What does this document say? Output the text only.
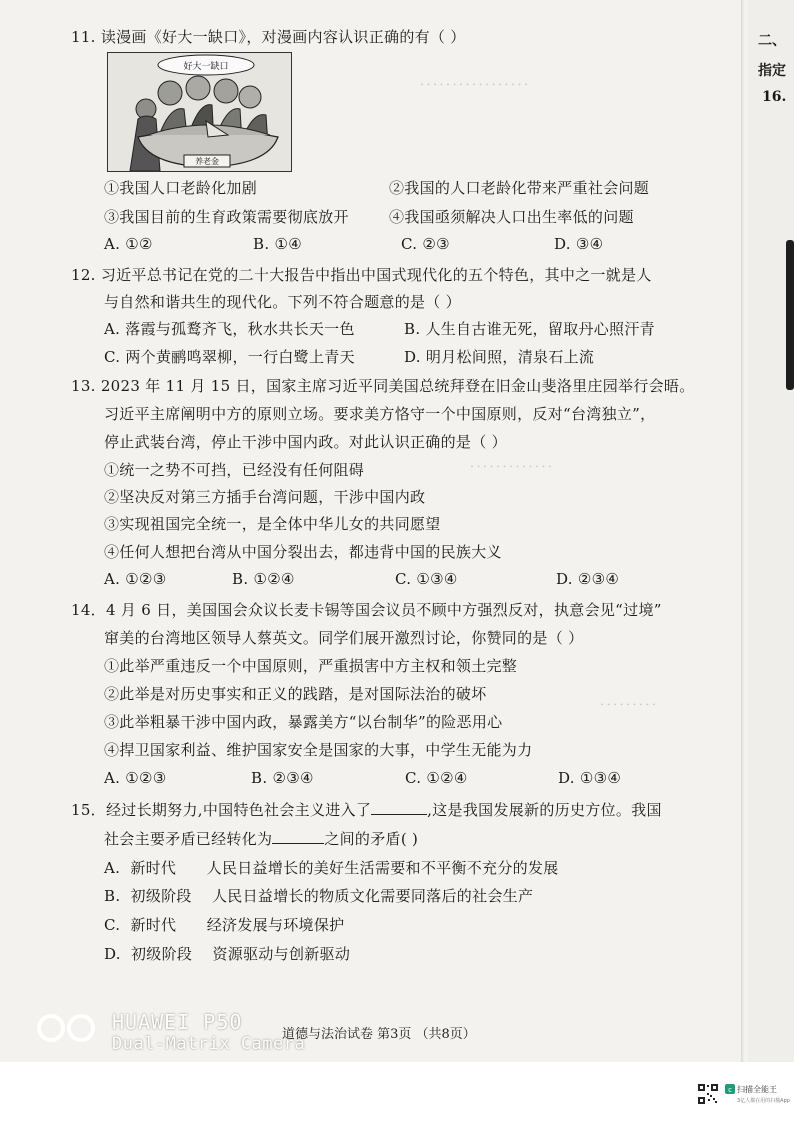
．．．．．．．．．．．．．．．．．
．．．．．．．．．．．．．
．．．．．．．．．
11. 读漫画《好大一缺口》，对漫画内容认识正确的有（ ）
好大一缺口
养老金
①我国人口老龄化加剧	②我国的人口老龄化带来严重社会问题
③我国目前的生育政策需要彻底放开	④我国亟须解决人口出生率低的问题
A. ①②	B. ①④	C. ②③	D. ③④
12. 习近平总书记在党的二十大报告中指出中国式现代化的五个特色，其中之一就是人
与自然和谐共生的现代化。下列不符合题意的是（ ）
A. 落霞与孤鹜齐飞，秋水共长天一色	B. 人生自古谁无死，留取丹心照汗青
C. 两个黄鹂鸣翠柳，一行白鹭上青天	D. 明月松间照，清泉石上流
13. 2023 年 11 月 15 日，国家主席习近平同美国总统拜登在旧金山斐洛里庄园举行会晤。
习近平主席阐明中方的原则立场。要求美方恪守一个中国原则，反对“台湾独立”，
停止武装台湾，停止干涉中国内政。对此认识正确的是（ ）
①统一之势不可挡，已经没有任何阻碍
②坚决反对第三方插手台湾问题，干涉中国内政
③实现祖国完全统一，是全体中华儿女的共同愿望
④任何人想把台湾从中国分裂出去，都违背中国的民族大义
A. ①②③	B. ①②④	C. ①③④	D. ②③④
14．4 月 6 日，美国国会众议长麦卡锡等国会议员不顾中方强烈反对，执意会见“过境”
窜美的台湾地区领导人蔡英文。同学们展开激烈讨论，你赞同的是（ ）
①此举严重违反一个中国原则，严重损害中方主权和领土完整
②此举是对历史事实和正义的践踏，是对国际法治的破坏
③此举粗暴干涉中国内政，暴露美方“以台制华”的险恶用心
④捍卫国家利益、维护国家安全是国家的大事，中学生无能为力
A. ①②③	B. ②③④	C. ①②④	D. ①③④
15．经过长期努力,中国特色社会主义进入了	,这是我国发展新的历史方位。我国
社会主要矛盾已经转化为	之间的矛盾( )
A.  新时代      人民日益增长的美好生活需要和不平衡不充分的发展
B.  初级阶段    人民日益增长的物质文化需要同落后的社会生产
C.  新时代      经济发展与环境保护
D.  初级阶段    资源驱动与创新驱动
二、
指定
16.
HUAWEI P50
Dual-Matrix Camera
道德与法治试卷 第3页 （共8页）
c 扫描全能王
3亿人都在用的扫描App
